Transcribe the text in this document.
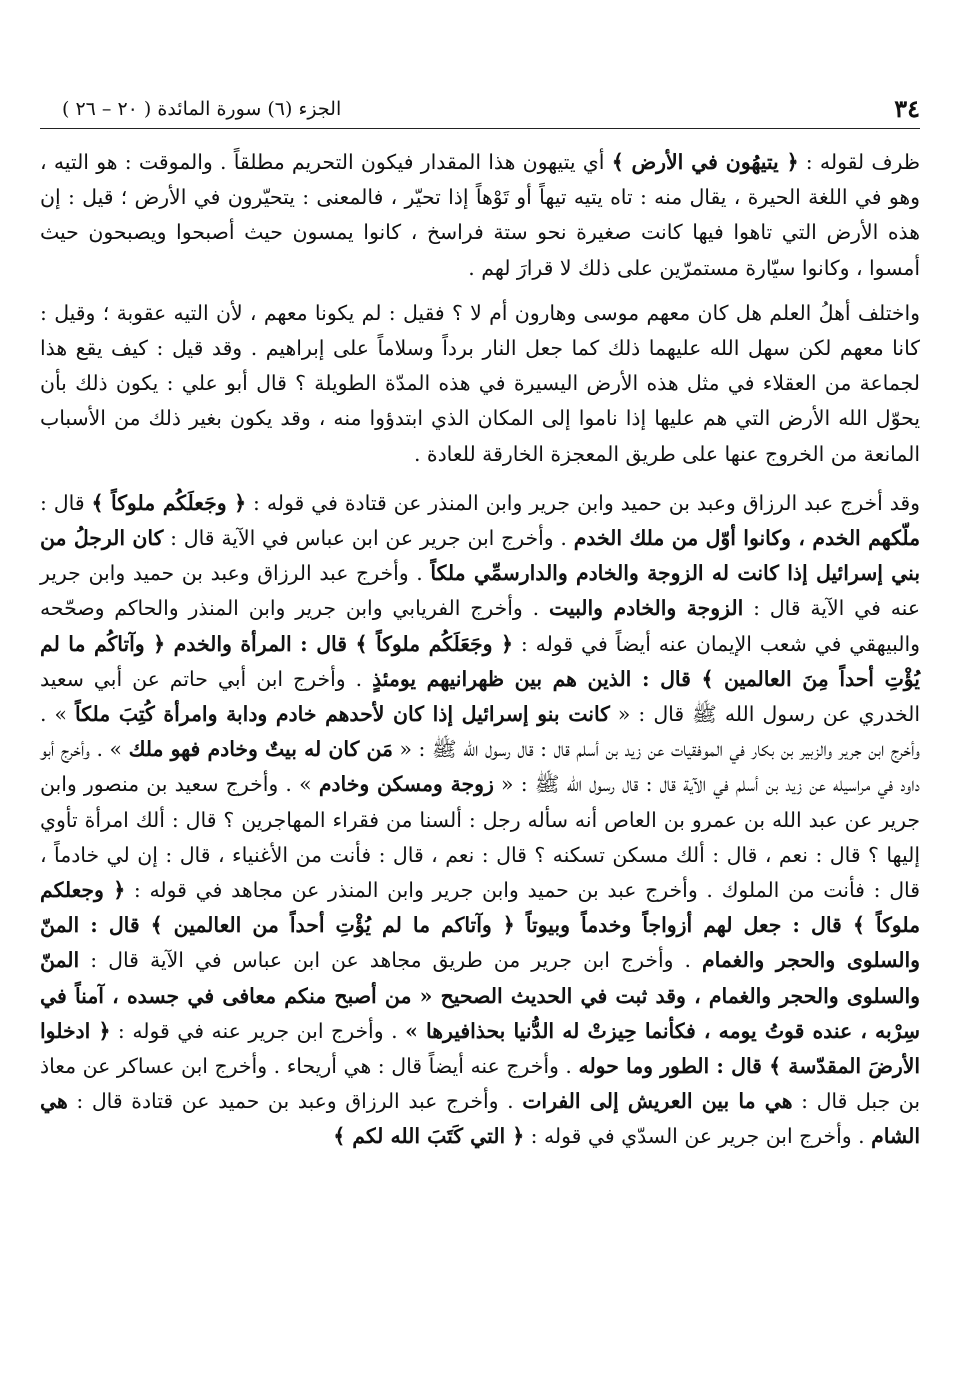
٣٤
الجزء (٦) سورة المائدة ( ٢٠ – ٢٦ )

ظرف لقوله : ﴿ يتيهُون في الأرض ﴾ أي يتيهون هذا المقدار فيكون التحريم مطلقاً . والموقت : هو التيه ، وهو في اللغة الحيرة ، يقال منه : تاه يتيه تيهاً أو تَوْهاً إذا تحيّر ، فالمعنى : يتحيّرون في الأرض ؛ قيل : إن هذه الأرض التي تاهوا فيها كانت صغيرة نحو ستة فراسخ ، كانوا يمسون حيث أصبحوا ويصبحون حيث أمسوا ، وكانوا سيّارة مستمرّين على ذلك لا قرارَ لهم .

واختلف أهلُ العلم هل كان معهم موسى وهارون أم لا ؟ فقيل : لم يكونا معهم ، لأن التيه عقوبة ؛ وقيل : كانا معهم لكن سهل الله عليهما ذلك كما جعل النار برداً وسلاماً على إبراهيم . وقد قيل : كيف يقع هذا لجماعة من العقلاء في مثل هذه الأرض اليسيرة في هذه المدّة الطويلة ؟ قال أبو علي : يكون ذلك بأن يحوّل الله الأرض التي هم عليها إذا ناموا إلى المكان الذي ابتدؤوا منه ، وقد يكون بغير ذلك من الأسباب المانعة من الخروج عنها على طريق المعجزة الخارقة للعادة .

وقد أخرج عبد الرزاق وعبد بن حميد وابن جرير وابن المنذر عن قتادة في قوله : ﴿ وجَعلَكُم ملوكاً ﴾ قال : ملّكهم الخدم ، وكانوا أوّل من ملك الخدم . وأخرج ابن جرير عن ابن عباس في الآية قال : كان الرجلُ من بني إسرائيل إذا كانت له الزوجة والخادم والدارسمِّي ملكاً . وأخرج عبد الرزاق وعبد بن حميد وابن جرير عنه في الآية قال : الزوجة والخادم والبيت . وأخرج الفريابي وابن جرير وابن المنذر والحاكم وصحّحه والبيهقي في شعب الإيمان عنه أيضاً في قوله : ﴿ وجَعَلَكُم ملوكاً ﴾ قال : المرأة والخدم ﴿ وآتاكُم ما لم يُؤْتِ أحداً مِنَ العالمين ﴾ قال : الذين هم بين ظهرانيهم يومئذٍ . وأخرج ابن أبي حاتم عن أبي سعيد الخدري عن رسول الله ﷺ قال : « كانت بنو إسرائيل إذا كان لأحدهم خادم ودابة وامرأة كُتِبَ ملكاً » . وأخرج ابن جرير والزبير بن بكار في الموفقيات عن زيد بن أسلم قال : قال رسول الله ﷺ : « مَن كان له بيتٌ وخادم فهو ملك » . وأخرج أبو داود في مراسيله عن زيد بن أسلم في الآية قال : قال رسول الله ﷺ : « زوجة ومسكن وخادم » . وأخرج سعيد بن منصور وابن جرير عن عبد الله بن عمرو بن العاص أنه سأله رجل : ألسنا من فقراء المهاجرين ؟ قال : ألك امرأة تأوي إليها ؟ قال : نعم ، قال : ألك مسكن تسكنه ؟ قال : نعم ، قال : فأنت من الأغنياء ، قال : إن لي خادماً ، قال : فأنت من الملوك . وأخرج عبد بن حميد وابن جرير وابن المنذر عن مجاهد في قوله : ﴿ وجعلكم ملوكاً ﴾ قال : جعل لهم أزواجاً وخدماً وبيوتاً ﴿ وآتاكم ما لم يُؤْتِ أحداً من العالمين ﴾ قال : المنّ والسلوى والحجر والغمام . وأخرج ابن جرير من طريق مجاهد عن ابن عباس في الآية قال : المنّ والسلوى والحجر والغمام ، وقد ثبت في الحديث الصحيح « من أصبح منكم معافى في جسده ، آمناً في سِرْبه ، عنده قوتُ يومه ، فكأنما حِيزتْ له الدُّنيا بحذافيرها » . وأخرج ابن جرير عنه في قوله : ﴿ ادخلوا الأرضَ المقدّسة ﴾ قال : الطور وما حوله . وأخرج عنه أيضاً قال : هي أريحاء . وأخرج ابن عساكر عن معاذ بن جبل قال : هي ما بين العريش إلى الفرات . وأخرج عبد الرزاق وعبد بن حميد عن قتادة قال : هي الشام . وأخرج ابن جرير عن السدّي في قوله : ﴿ التي كَتَبَ الله لكم ﴾
